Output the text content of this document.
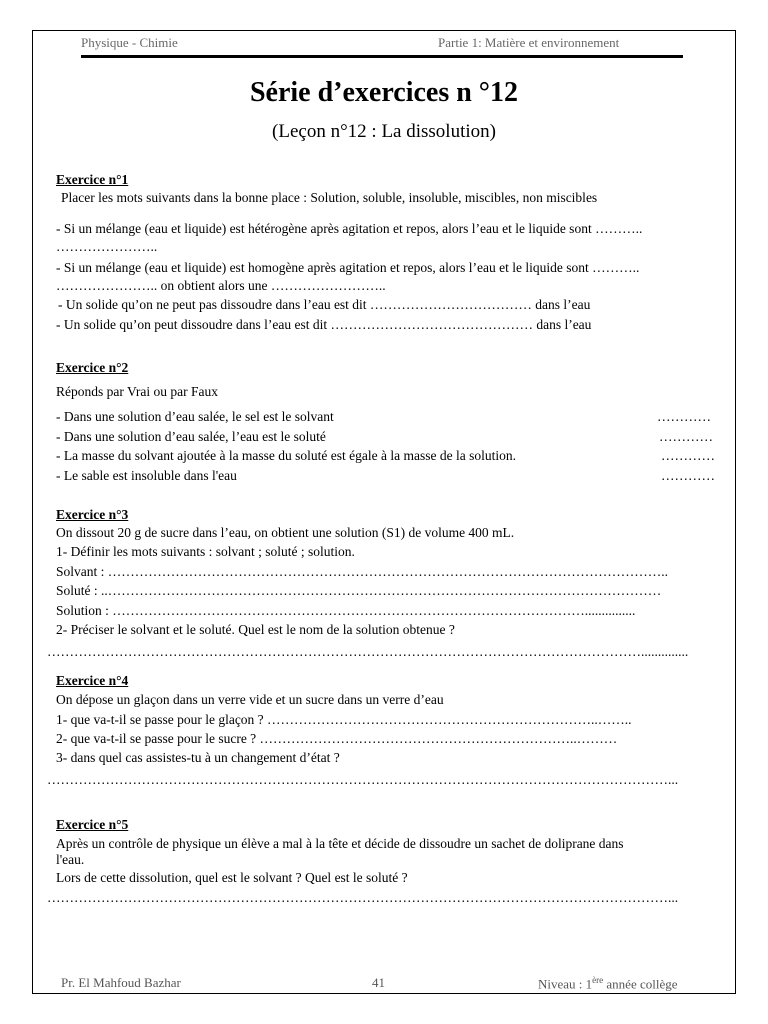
Physique - Chimie	Partie 1: Matière et environnement
Série d’exercices n °12
(Leçon n°12 : La dissolution)
Exercice n°1
Placer les mots suivants dans la bonne place : Solution, soluble, insoluble, miscibles, non miscibles
- Si un mélange (eau et liquide) est hétérogène après agitation et repos, alors l’eau et le liquide sont ………..
…………………..
- Si un mélange (eau et liquide) est homogène après agitation et repos, alors l’eau et le liquide sont ………..
………………….. on obtient alors une ……………………..
- Un solide qu’on ne peut pas dissoudre dans l’eau est dit ……………………………… dans l’eau
- Un solide qu’on peut dissoudre dans l’eau est dit ……………………………………… dans l’eau
Exercice n°2
Réponds par Vrai ou par Faux
- Dans une solution d’eau salée, le sel est le solvant	…………
- Dans une solution d’eau salée, l’eau est le soluté	…………
- La masse du solvant ajoutée à la masse du soluté est égale à la masse de la solution.	…………
- Le sable est insoluble dans l'eau	…………
Exercice n°3
On dissout 20 g de sucre dans l’eau, on obtient une solution (S1) de volume 400 mL.
1- Définir les mots suivants : solvant ; soluté ; solution.
Solvant : ……………………………………………………………………………………………………………..
Soluté : ..……………………………………………………………………………………………………………
Solution : ……………………………………………………………………………………………...............
2- Préciser le solvant et le soluté. Quel est le nom de la solution obtenue ?
……………………………………………………………………………………………………………………..............
Exercice n°4
On dépose un glaçon dans un verre vide et un sucre dans un verre d’eau
1- que va-t-il se passe pour le glaçon ? ………………………………………………………………..……..
2- que va-t-il se passe pour le sucre ? ……………………………………………………………..………
3- dans quel cas assistes-tu à un changement d’état ?
…………………………………………………………………………………………………………………………...
Exercice n°5
Après un contrôle de physique un élève a mal à la tête et décide de dissoudre un sachet de doliprane dans
l'eau.
Lors de cette dissolution, quel est le solvant ? Quel est le soluté ?
…………………………………………………………………………………………………………………………...
Pr. El Mahfoud Bazhar	41	Niveau : 1ère année collège
